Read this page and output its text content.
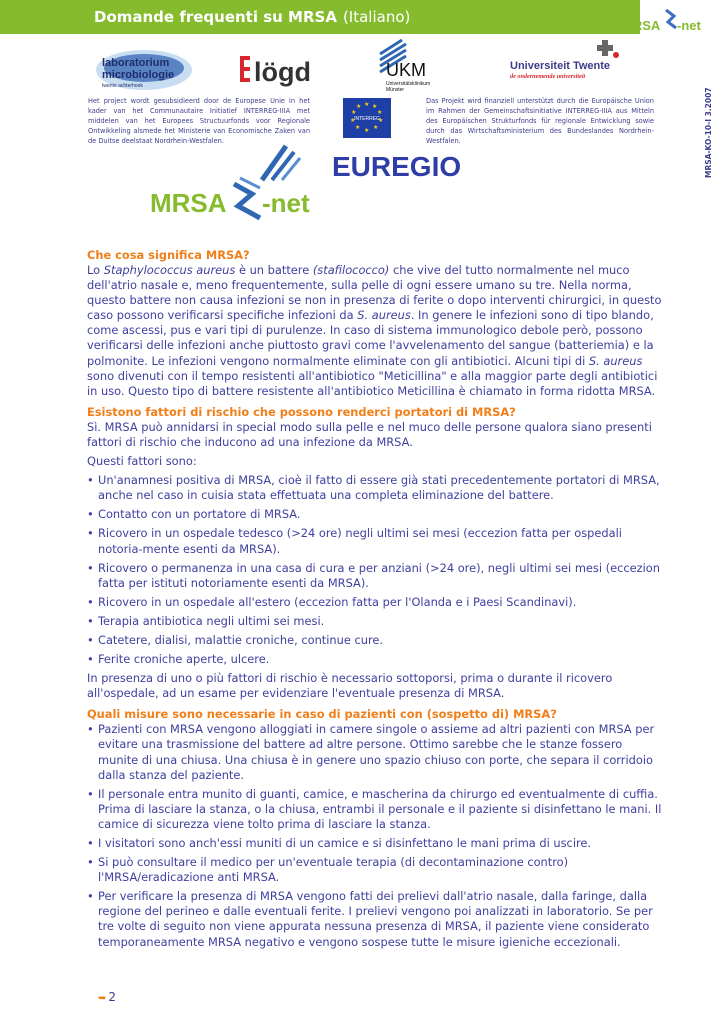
Domande frequenti su MRSA (Italiano)	MRSA -net
laboratorium
microbiologie
twente achterhoek	lögd	UKM
Universitätsklinikum
Münster
Universiteit Twente
de ondernemende universiteit
Het project wordt gesubsidieerd door de Europese Unie in het kader van het Communautaire Initiatief INTERREG-IIIA met middelen van het Europees Structuurfonds voor Regionale Ontwikkeling alsmede het Ministerie van Economische Zaken van de Duitse deelstaat Nordrhein-Westfalen.
★ ★
★
★
★
★
★
★
★
★
INTERREG
Das Projekt wird finanziell unterstützt durch die Europäische Union im Rahmen der Gemeinschaftsinitiative INTERREG-IIIA aus Mitteln des Europäischen Strukturfonds für regionale Entwicklung sowie durch das Wirtschaftsministerium des Bundeslandes Nordrhein-Westfalen.
EUREGIO
MRSA -net
MRSA-KO-10-I 3.2007
Che cosa significa MRSA?

Lo Staphylococcus aureus è un battere (stafilococco) che vive del tutto normalmente nel muco dell'atrio nasale e, meno frequentemente, sulla pelle di ogni essere umano su tre. Nella norma, questo battere non causa infezioni se non in presenza di ferite o dopo interventi chirurgici, in questo caso possono verificarsi specifiche infezioni da S. aureus. In genere le infezioni sono di tipo blando, come ascessi, pus e vari tipi di purulenze. In caso di sistema immunologico debole però, possono verificarsi delle infezioni anche piuttosto gravi come l'avvelenamento del sangue (batteriemia) e la polmonite. Le infezioni vengono normalmente eliminate con gli antibiotici. Alcuni tipi di S. aureus sono divenuti con il tempo resistenti all'antibiotico "Meticillina" e alla maggior parte degli antibiotici in uso. Questo tipo di battere resistente all'antibiotico Meticillina è chiamato in forma ridotta MRSA.

Esistono fattori di rischio che possono renderci portatori di MRSA?

Sì. MRSA può annidarsi in special modo sulla pelle e nel muco delle persone qualora siano presenti fattori di rischio che inducono ad una infezione da MRSA.

Questi fattori sono:

• Un'anamnesi positiva di MRSA, cioè il fatto di essere già stati precedentemente portatori di MRSA, anche nel caso in cuisia stata effettuata una completa eliminazione del battere.
• Contatto con un portatore di MRSA.
• Ricovero in un ospedale tedesco (>24 ore) negli ultimi sei mesi (eccezion fatta per ospedali notoria-mente esenti da MRSA).
• Ricovero o permanenza in una casa di cura e per anziani (>24 ore), negli ultimi sei mesi (eccezion fatta per istituti notoriamente esenti da MRSA).
• Ricovero in un ospedale all'estero (eccezion fatta per l'Olanda e i Paesi Scandinavi).
• Terapia antibiotica negli ultimi sei mesi.
• Catetere, dialisi, malattie croniche, continue cure.
• Ferite croniche aperte, ulcere.

In presenza di uno o più fattori di rischio è necessario sottoporsi, prima o durante il ricovero all'ospedale, ad un esame per evidenziare l'eventuale presenza di MRSA.

Quali misure sono necessarie in caso di pazienti con (sospetto di) MRSA?
• Pazienti con MRSA vengono alloggiati in camere singole o assieme ad altri pazienti con MRSA per evitare una trasmissione del battere ad altre persone. Ottimo sarebbe che le stanze fossero munite di una chiusa. Una chiusa è in genere uno spazio chiuso con porte, che separa il corridoio dalla stanza del paziente.
• Il personale entra munito di guanti, camice, e mascherina da chirurgo ed eventualmente di cuffia. Prima di lasciare la stanza, o la chiusa, entrambi il personale e il paziente si disinfettano le mani. Il camice di sicurezza viene tolto prima di lasciare la stanza.
• I visitatori sono anch'essi muniti di un camice e si disinfettano le mani prima di uscire.
• Si può consultare il medico per un'eventuale terapia (di decontaminazione contro) l'MRSA/eradicazione anti MRSA.
• Per verificare la presenza di MRSA vengono fatti dei prelievi dall'atrio nasale, dalla faringe, dalla regione del perineo e dalle eventuali ferite. I prelievi vengono poi analizzati in laboratorio. Se per tre volte di seguito non viene appurata nessuna presenza di MRSA, il paziente viene considerato temporaneamente MRSA negativo e vengono sospese tutte le misure igieniche eccezionali.
➥ 2
